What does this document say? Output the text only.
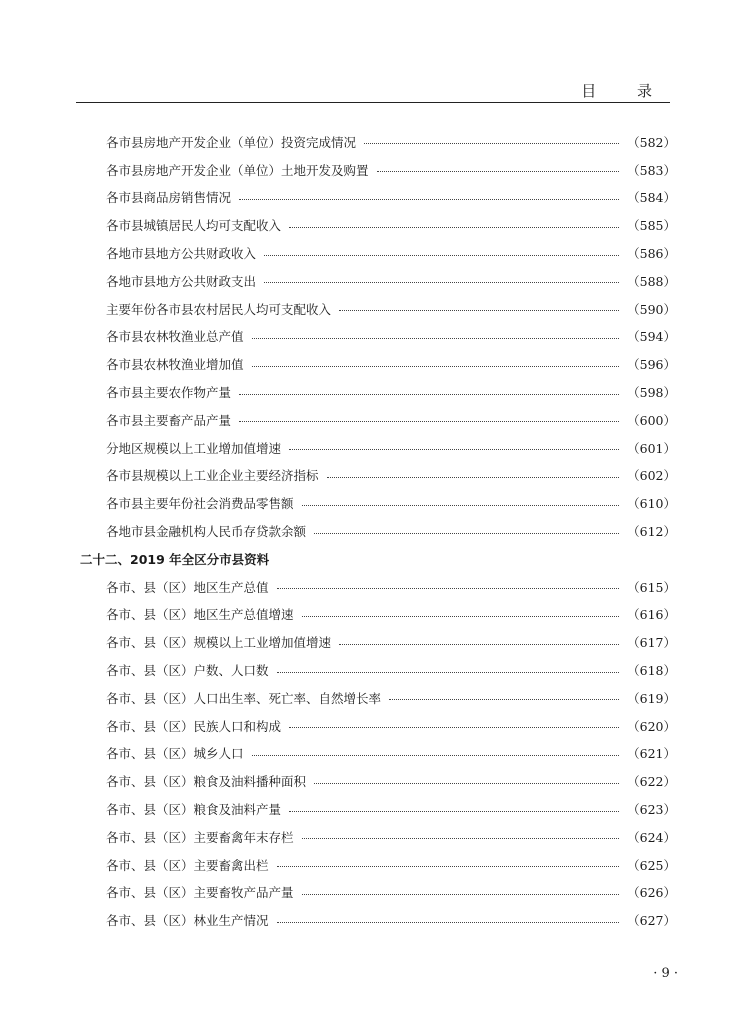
目 录
各市县房地产开发企业（单位）投资完成情况	（582）
各市县房地产开发企业（单位）土地开发及购置	（583）
各市县商品房销售情况	（584）
各市县城镇居民人均可支配收入	（585）
各地市县地方公共财政收入	（586）
各地市县地方公共财政支出	（588）
主要年份各市县农村居民人均可支配收入	（590）
各市县农林牧渔业总产值	（594）
各市县农林牧渔业增加值	（596）
各市县主要农作物产量	（598）
各市县主要畜产品产量	（600）
分地区规模以上工业增加值增速	（601）
各市县规模以上工业企业主要经济指标	（602）
各市县主要年份社会消费品零售额	（610）
各地市县金融机构人民币存贷款余额	（612）
二十二、2019 年全区分市县资料
各市、县（区）地区生产总值	（615）
各市、县（区）地区生产总值增速	（616）
各市、县（区）规模以上工业增加值增速	（617）
各市、县（区）户数、人口数	（618）
各市、县（区）人口出生率、死亡率、自然增长率	（619）
各市、县（区）民族人口和构成	（620）
各市、县（区）城乡人口	（621）
各市、县（区）粮食及油料播种面积	（622）
各市、县（区）粮食及油料产量	（623）
各市、县（区）主要畜禽年末存栏	（624）
各市、县（区）主要畜禽出栏	（625）
各市、县（区）主要畜牧产品产量	（626）
各市、县（区）林业生产情况	（627）
· 9 ·
